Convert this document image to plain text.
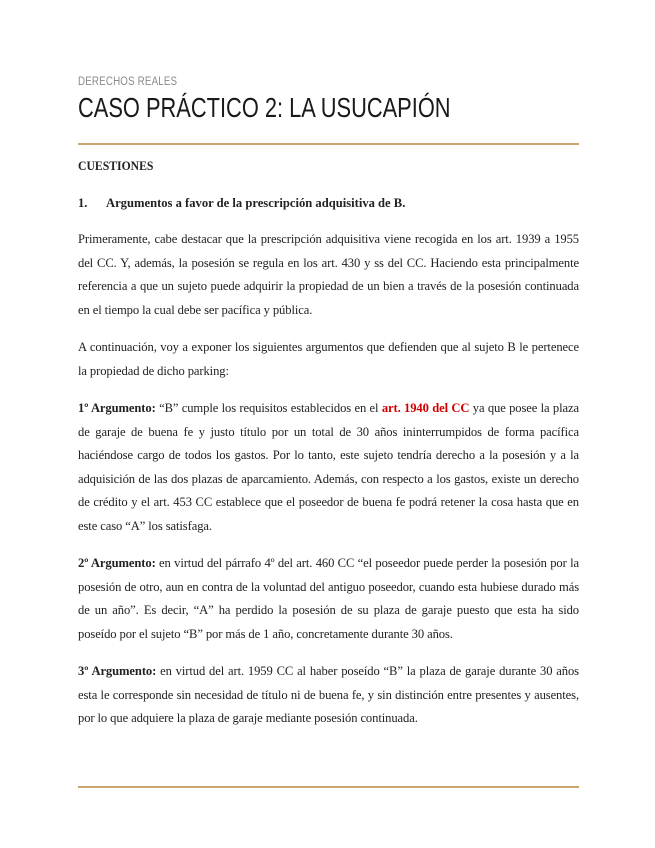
DERECHOS REALES
CASO PRÁCTICO 2: LA USUCAPIÓN
CUESTIONES
1. Argumentos a favor de la prescripción adquisitiva de B.

Primeramente, cabe destacar que la prescripción adquisitiva viene recogida en los art. 1939 a 1955 del CC. Y, además, la posesión se regula en los art. 430 y ss del CC. Haciendo esta principalmente referencia a que un sujeto puede adquirir la propiedad de un bien a través de la posesión continuada en el tiempo la cual debe ser pacífica y pública.

A continuación, voy a exponer los siguientes argumentos que defienden que al sujeto B le pertenece la propiedad de dicho parking:

1º Argumento: “B” cumple los requisitos establecidos en el art. 1940 del CC ya que posee la plaza de garaje de buena fe y justo título por un total de 30 años ininterrumpidos de forma pacífica haciéndose cargo de todos los gastos. Por lo tanto, este sujeto tendría derecho a la posesión y a la adquisición de las dos plazas de aparcamiento. Además, con respecto a los gastos, existe un derecho de crédito y el art. 453 CC establece que el poseedor de buena fe podrá retener la cosa hasta que en este caso “A” los satisfaga.

2º Argumento: en virtud del párrafo 4º del art. 460 CC “el poseedor puede perder la posesión por la posesión de otro, aun en contra de la voluntad del antiguo poseedor, cuando esta hubiese durado más de un año”. Es decir, “A” ha perdido la posesión de su plaza de garaje puesto que esta ha sido poseído por el sujeto “B” por más de 1 año, concretamente durante 30 años.

3º Argumento: en virtud del art. 1959 CC al haber poseído “B” la plaza de garaje durante 30 años esta le corresponde sin necesidad de título ni de buena fe, y sin distinción entre presentes y ausentes, por lo que adquiere la plaza de garaje mediante posesión continuada.
